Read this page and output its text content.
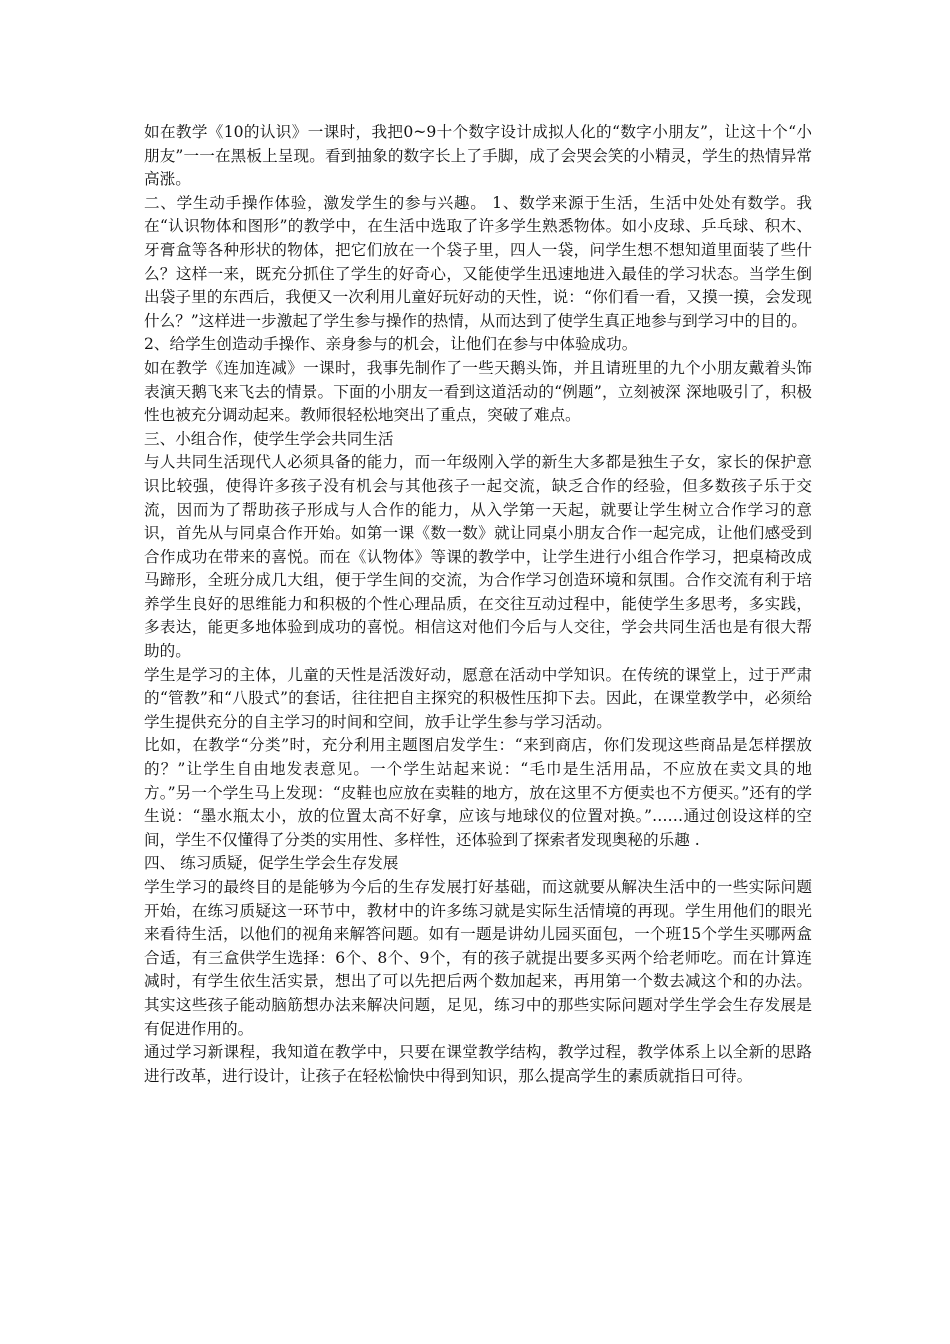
如在教学《10的认识》一课时，我把0~9十个数字设计成拟人化的“数字小朋友”，让这十个“小朋友”一一在黑板上呈现。看到抽象的数字长上了手脚，成了会哭会笑的小精灵，学生的热情异常高涨。

二、学生动手操作体验，激发学生的参与兴趣。 1、数学来源于生活，生活中处处有数学。我在“认识物体和图形”的教学中，在生活中选取了许多学生熟悉物体。如小皮球、乒乓球、积木、牙膏盒等各种形状的物体，把它们放在一个袋子里，四人一袋，问学生想不想知道里面装了些什么？这样一来，既充分抓住了学生的好奇心，又能使学生迅速地进入最佳的学习状态。当学生倒出袋子里的东西后，我便又一次利用儿童好玩好动的天性，说：“你们看一看，又摸一摸，会发现什么？”这样进一步激起了学生参与操作的热情，从而达到了使学生真正地参与到学习中的目的。

2、给学生创造动手操作、亲身参与的机会，让他们在参与中体验成功。

如在教学《连加连减》一课时，我事先制作了一些天鹅头饰，并且请班里的九个小朋友戴着头饰表演天鹅飞来飞去的情景。下面的小朋友一看到这道活动的“例题”，立刻被深 深地吸引了，积极性也被充分调动起来。教师很轻松地突出了重点，突破了难点。

三、小组合作，使学生学会共同生活

与人共同生活现代人必须具备的能力，而一年级刚入学的新生大多都是独生子女，家长的保护意识比较强，使得许多孩子没有机会与其他孩子一起交流，缺乏合作的经验，但多数孩子乐于交流，因而为了帮助孩子形成与人合作的能力，从入学第一天起，就要让学生树立合作学习的意识，首先从与同桌合作开始。如第一课《数一数》就让同桌小朋友合作一起完成，让他们感受到合作成功在带来的喜悦。而在《认物体》等课的教学中，让学生进行小组合作学习，把桌椅改成马蹄形，全班分成几大组，便于学生间的交流，为合作学习创造环境和氛围。合作交流有利于培养学生良好的思维能力和积极的个性心理品质，在交往互动过程中，能使学生多思考，多实践，多表达，能更多地体验到成功的喜悦。相信这对他们今后与人交往，学会共同生活也是有很大帮助的。

学生是学习的主体，儿童的天性是活泼好动，愿意在活动中学知识。在传统的课堂上，过于严肃的“管教”和“八股式”的套话，往往把自主探究的积极性压抑下去。因此，在课堂教学中，必须给学生提供充分的自主学习的时间和空间，放手让学生参与学习活动。

比如，在教学“分类”时，充分利用主题图启发学生：“来到商店，你们发现这些商品是怎样摆放的？”让学生自由地发表意见。一个学生站起来说：“毛巾是生活用品，不应放在卖文具的地方。”另一个学生马上发现：“皮鞋也应放在卖鞋的地方，放在这里不方便卖也不方便买。”还有的学生说：“墨水瓶太小，放的位置太高不好拿，应该与地球仪的位置对换。”……通过创设这样的空间，学生不仅懂得了分类的实用性、多样性，还体验到了探索者发现奥秘的乐趣 .

四、 练习质疑，促学生学会生存发展

学生学习的最终目的是能够为今后的生存发展打好基础，而这就要从解决生活中的一些实际问题开始，在练习质疑这一环节中，教材中的许多练习就是实际生活情境的再现。学生用他们的眼光来看待生活，以他们的视角来解答问题。如有一题是讲幼儿园买面包，一个班15个学生买哪两盒合适，有三盒供学生选择：6个、8个、9个，有的孩子就提出要多买两个给老师吃。而在计算连减时，有学生依生活实景，想出了可以先把后两个数加起来，再用第一个数去减这个和的办法。其实这些孩子能动脑筋想办法来解决问题，足见，练习中的那些实际问题对学生学会生存发展是有促进作用的。

通过学习新课程，我知道在教学中，只要在课堂教学结构，教学过程，教学体系上以全新的思路进行改革，进行设计，让孩子在轻松愉快中得到知识，那么提高学生的素质就指日可待。
